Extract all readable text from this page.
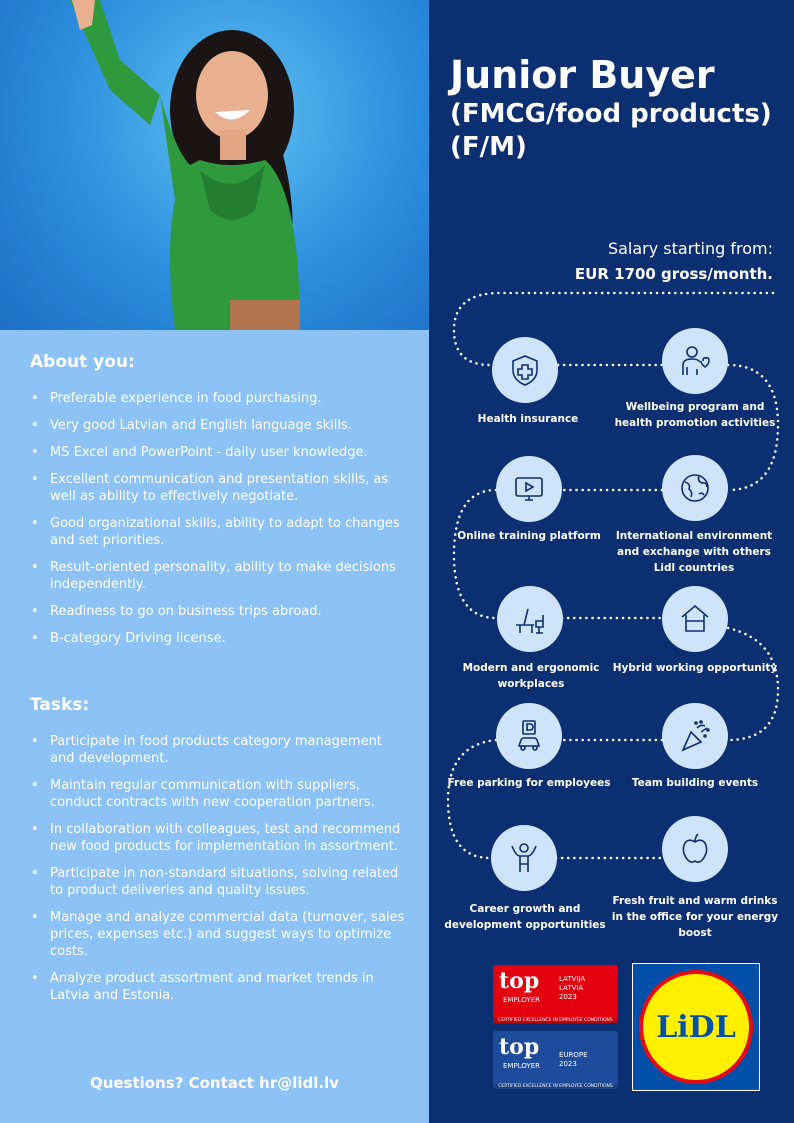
About you:
• Preferable experience in food purchasing.
• Very good Latvian and English language skills.
• MS Excel and PowerPoint - daily user knowledge.
• Excellent communication and presentation skills, as well as ability to effectively negotiate.
• Good organizational skills, ability to adapt to changes and set priorities.
• Result-oriented personality, ability to make decisions independently.
• Readiness to go on business trips abroad.
• B-category Driving license.
Tasks:
• Participate in food products category management and development.
• Maintain regular communication with suppliers, conduct contracts with new cooperation partners.
• In collaboration with colleagues, test and recommend new food products for implementation in assortment.
• Participate in non-standard situations, solving related to product deliveries and quality issues.
• Manage and analyze commercial data (turnover, sales prices, expenses etc.) and suggest ways to optimize costs.
• Analyze product assortment and market trends in Latvia and Estonia.
Questions? Contact hr@lidl.lv
Junior Buyer
(FMCG/food products)
(F/M)
Salary starting from:
EUR 1700 gross/month.
Health insurance
Wellbeing program and health promotion activities
Online training platform	International environment and exchange with others Lidl countries
Modern and ergonomic workplaces
Hybrid working opportunity
Free parking for employees	Team building events
Career growth and development opportunities
Fresh fruit and warm drinks in the office for your energy boost
top
EMPLOYER
LATVIJA
LATVIA
2023
CERTIFIED EXCELLENCE IN EMPLOYEE CONDITIONS
top
EMPLOYER
EUROPE
2023
CERTIFIED EXCELLENCE IN EMPLOYEE CONDITIONS
LiDL
